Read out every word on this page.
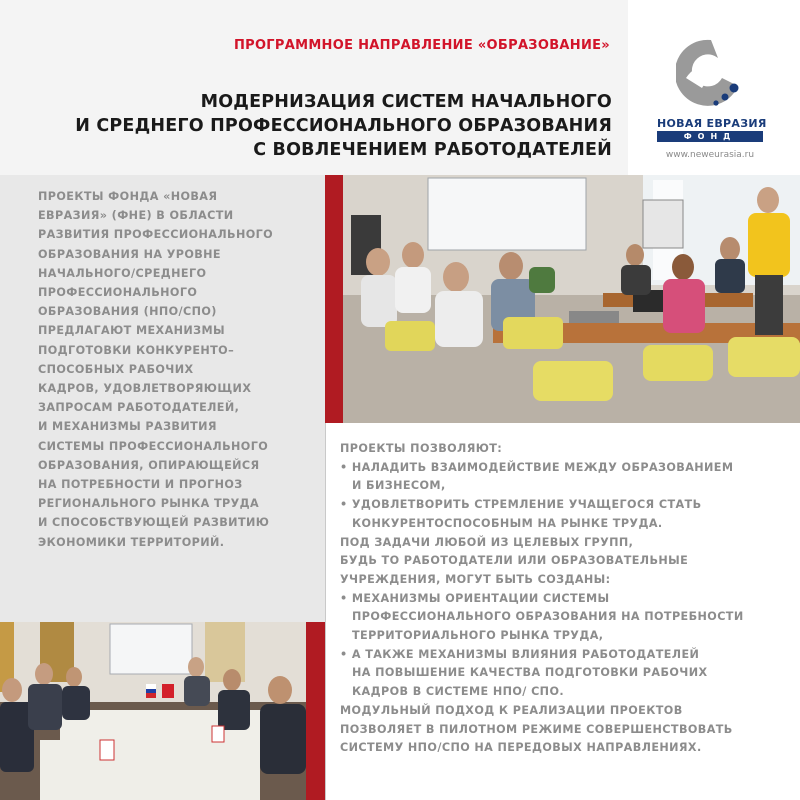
ПРОГРАММНОЕ НАПРАВЛЕНИЕ «ОБРАЗОВАНИЕ»
МОДЕРНИЗАЦИЯ СИСТЕМ НАЧАЛЬНОГО
И СРЕДНЕГО ПРОФЕССИОНАЛЬНОГО ОБРАЗОВАНИЯ
С ВОВЛЕЧЕНИЕМ РАБОТОДАТЕЛЕЙ
НОВАЯ ЕВРАЗИЯ
ФОНД
www.neweurasia.ru

ПРОЕКТЫ ФОНДА «НОВАЯ
ЕВРАЗИЯ» (ФНЕ) В ОБЛАСТИ
РАЗВИТИЯ ПРОФЕССИОНАЛЬНОГО
ОБРАЗОВАНИЯ НА УРОВНЕ
НАЧАЛЬНОГО/СРЕДНЕГО
ПРОФЕССИОНАЛЬНОГО
ОБРАЗОВАНИЯ (НПО/СПО)
ПРЕДЛАГАЮТ МЕХАНИЗМЫ
ПОДГОТОВКИ КОНКУРЕНТО–
СПОСОБНЫХ РАБОЧИХ
КАДРОВ, УДОВЛЕТВОРЯЮЩИХ
ЗАПРОСАМ РАБОТОДАТЕЛЕЙ,
И МЕХАНИЗМЫ РАЗВИТИЯ
СИСТЕМЫ ПРОФЕССИОНАЛЬНОГО
ОБРАЗОВАНИЯ, ОПИРАЮЩЕЙСЯ
НА ПОТРЕБНОСТИ И ПРОГНОЗ
РЕГИОНАЛЬНОГО РЫНКА ТРУДА
И СПОСОБСТВУЮЩЕЙ РАЗВИТИЮ
ЭКОНОМИКИ ТЕРРИТОРИЙ.

ПРОЕКТЫ ПОЗВОЛЯЮТ:
• НАЛАДИТЬ ВЗАИМОДЕЙСТВИЕ МЕЖДУ ОБРАЗОВАНИЕМ
И БИЗНЕСОМ,
• УДОВЛЕТВОРИТЬ СТРЕМЛЕНИЕ УЧАЩЕГОСЯ СТАТЬ
КОНКУРЕНТОСПОСОБНЫМ НА РЫНКЕ ТРУДА.
ПОД ЗАДАЧИ ЛЮБОЙ ИЗ ЦЕЛЕВЫХ ГРУПП,
БУДЬ ТО РАБОТОДАТЕЛИ ИЛИ ОБРАЗОВАТЕЛЬНЫЕ
УЧРЕЖДЕНИЯ, МОГУТ БЫТЬ СОЗДАНЫ:
• МЕХАНИЗМЫ ОРИЕНТАЦИИ СИСТЕМЫ
ПРОФЕССИОНАЛЬНОГО ОБРАЗОВАНИЯ НА ПОТРЕБНОСТИ
ТЕРРИТОРИАЛЬНОГО РЫНКА ТРУДА,
• А ТАКЖЕ МЕХАНИЗМЫ ВЛИЯНИЯ РАБОТОДАТЕЛЕЙ
НА ПОВЫШЕНИЕ КАЧЕСТВА ПОДГОТОВКИ РАБОЧИХ
КАДРОВ В СИСТЕМЕ НПО/ СПО.
МОДУЛЬНЫЙ ПОДХОД К РЕАЛИЗАЦИИ ПРОЕКТОВ
ПОЗВОЛЯЕТ В ПИЛОТНОМ РЕЖИМЕ СОВЕРШЕНСТВОВАТЬ
СИСТЕМУ НПО/СПО НА ПЕРЕДОВЫХ НАПРАВЛЕНИЯХ.
